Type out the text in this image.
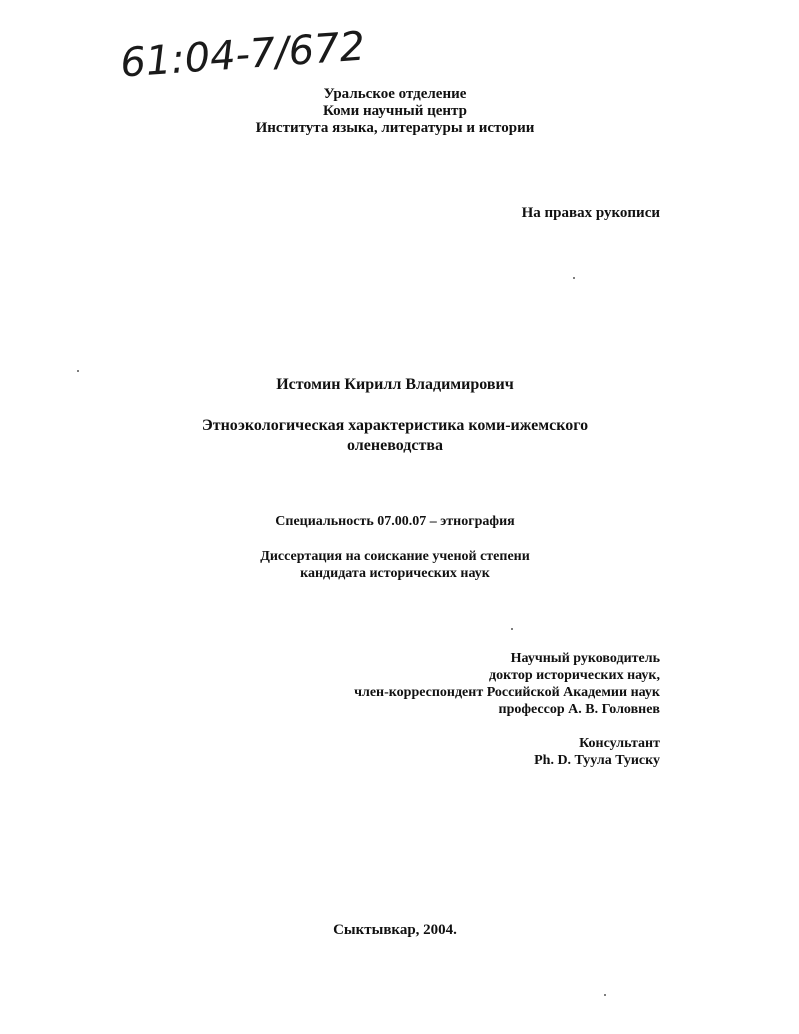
61:04-7/672
Уральское отделение
Коми научный центр
Института языка, литературы и истории
На правах рукописи
Истомин Кирилл Владимирович
Этноэкологическая характеристика коми-ижемского
оленеводства
Специальность 07.00.07 – этнография
Диссертация на соискание ученой степени
кандидата исторических наук
Научный руководитель
доктор исторических наук,
член-корреспондент Российской Академии наук
профессор А. В. Головнев
Консультант
Ph. D. Туула Туиску
Сыктывкар, 2004.
